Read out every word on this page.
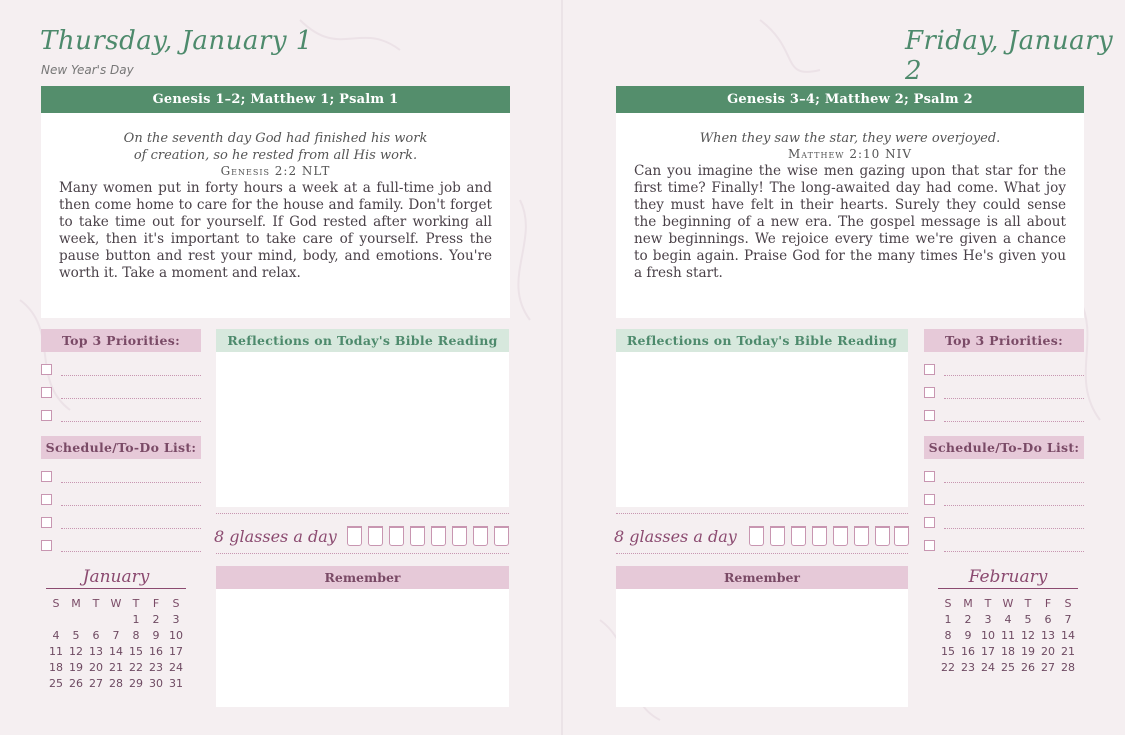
Thursday, January 1
New Year's Day
Genesis 1–2; Matthew 1; Psalm 1
On the seventh day God had finished his work
of creation, so he rested from all His work.
Genesis 2:2 NLT
Many women put in forty hours a week at a full-time job and then come home to care for the house and family. Don't forget to take time out for yourself. If God rested after working all week, then it's important to take care of yourself. Press the pause button and rest your mind, body, and emotions. You're worth it. Take a moment and relax.
Top 3 Priorities:
Schedule/To-Do List:
Reflections on Today's Bible Reading
8 glasses a day
Remember
January
S	M	T	W	T	F	S
				1	2	3
4	5	6	7	8	9	10
11	12	13	14	15	16	17
18	19	20	21	22	23	24
25	26	27	28	29	30	31
Friday, January 2
Genesis 3–4; Matthew 2; Psalm 2
When they saw the star, they were overjoyed.
Matthew 2:10 NIV
Can you imagine the wise men gazing upon that star for the first time? Finally! The long-awaited day had come. What joy they must have felt in their hearts. Surely they could sense the beginning of a new era. The gospel message is all about new beginnings. We rejoice every time we're given a chance to begin again. Praise God for the many times He's given you a fresh start.
Reflections on Today's Bible Reading
8 glasses a day
Remember
Top 3 Priorities:
Schedule/To-Do List:
February
S	M	T	W	T	F	S
1	2	3	4	5	6	7
8	9	10	11	12	13	14
15	16	17	18	19	20	21
22	23	24	25	26	27	28
